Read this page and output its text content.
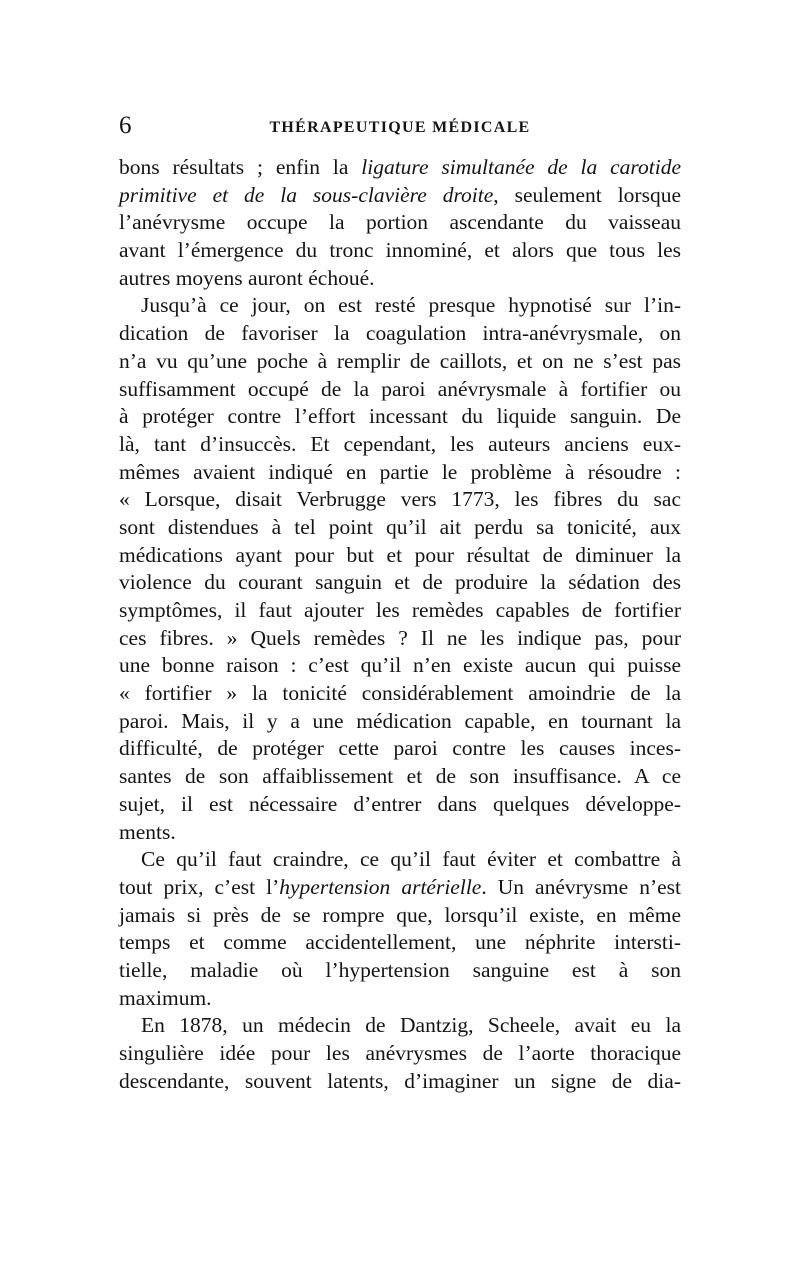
6	THÉRAPEUTIQUE MÉDICALE
bons résultats ; enfin la ligature simultanée de la carotide
primitive et de la sous-clavière droite, seulement lorsque
l’anévrysme occupe la portion ascendante du vaisseau
avant l’émergence du tronc innominé, et alors que tous les
autres moyens auront échoué.
Jusqu’à ce jour, on est resté presque hypnotisé sur l’in-
dication de favoriser la coagulation intra-anévrysmale, on
n’a vu qu’une poche à remplir de caillots, et on ne s’est pas
suffisamment occupé de la paroi anévrysmale à fortifier ou
à protéger contre l’effort incessant du liquide sanguin. De
là, tant d’insuccès. Et cependant, les auteurs anciens eux-
mêmes avaient indiqué en partie le problème à résoudre :
« Lorsque, disait Verbrugge vers 1773, les fibres du sac
sont distendues à tel point qu’il ait perdu sa tonicité, aux
médications ayant pour but et pour résultat de diminuer la
violence du courant sanguin et de produire la sédation des
symptômes, il faut ajouter les remèdes capables de fortifier
ces fibres. » Quels remèdes ? Il ne les indique pas, pour
une bonne raison : c’est qu’il n’en existe aucun qui puisse
« fortifier » la tonicité considérablement amoindrie de la
paroi. Mais, il y a une médication capable, en tournant la
difficulté, de protéger cette paroi contre les causes inces-
santes de son affaiblissement et de son insuffisance. A ce
sujet, il est nécessaire d’entrer dans quelques développe-
ments.
Ce qu’il faut craindre, ce qu’il faut éviter et combattre à
tout prix, c’est l’hypertension artérielle. Un anévrysme n’est
jamais si près de se rompre que, lorsqu’il existe, en même
temps et comme accidentellement, une néphrite intersti-
tielle, maladie où l’hypertension sanguine est à son
maximum.
En 1878, un médecin de Dantzig, Scheele, avait eu la
singulière idée pour les anévrysmes de l’aorte thoracique
descendante, souvent latents, d’imaginer un signe de dia-
